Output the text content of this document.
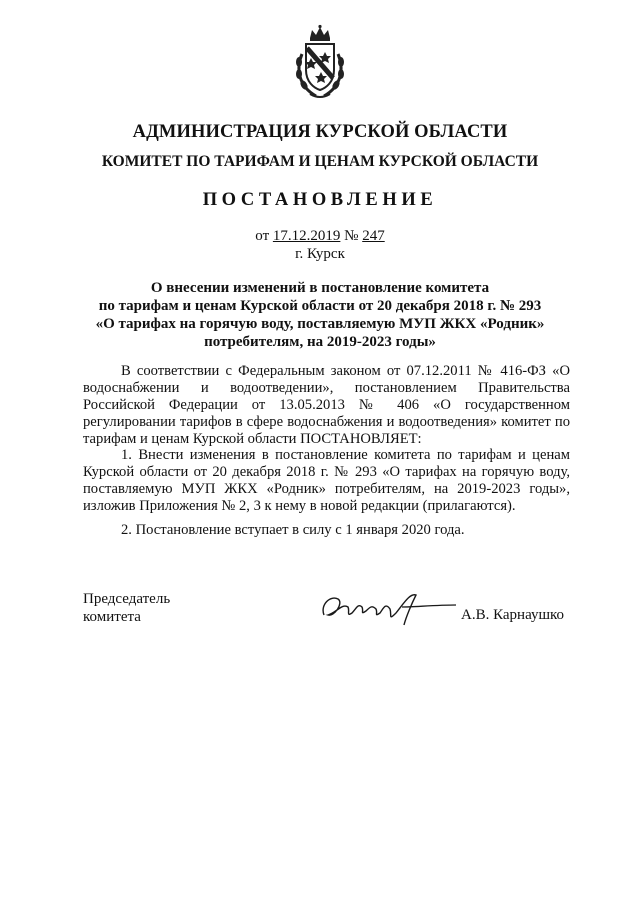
АДМИНИСТРАЦИЯ КУРСКОЙ ОБЛАСТИ
КОМИТЕТ ПО ТАРИФАМ И ЦЕНАМ КУРСКОЙ ОБЛАСТИ
ПОСТАНОВЛЕНИЕ
от 17.12.2019 № 247
г. Курск
О внесении изменений в постановление комитета
по тарифам и ценам Курской области от 20 декабря 2018 г. № 293
«О тарифах на горячую воду, поставляемую МУП ЖКХ «Родник»
потребителям, на 2019-2023 годы»

В соответствии с Федеральным законом от 07.12.2011 № 416-ФЗ «О водоснабжении и водоотведении», постановлением Правительства Российской Федерации от 13.05.2013 № 406 «О государственном регулировании тарифов в сфере водоснабжения и водоотведения» комитет по тарифам и ценам Курской области ПОСТАНОВЛЯЕТ:

1. Внести изменения в постановление комитета по тарифам и ценам Курской области от 20 декабря 2018 г. № 293 «О тарифах на горячую воду, поставляемую МУП ЖКХ «Родник» потребителям, на 2019-2023 годы», изложив Приложения № 2, 3 к нему в новой редакции (прилагаются).

2. Постановление вступает в силу с 1 января 2020 года.

Председатель
комитета	А.В. Карнаушко
